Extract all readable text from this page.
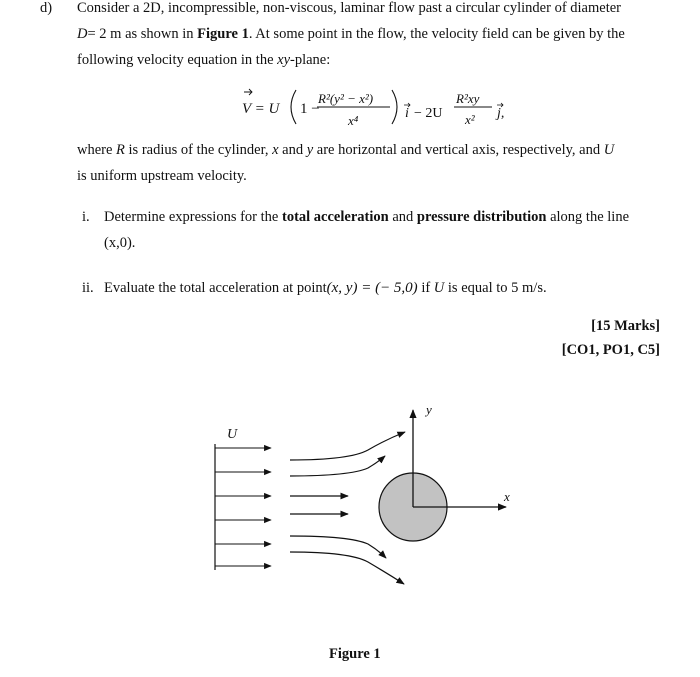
d) Consider a 2D, incompressible, non-viscous, laminar flow past a circular cylinder of diameter
D= 2 m as shown in Figure 1. At some point in the flow, the velocity field can be given by the
following velocity equation in the xy-plane:
V = U 1 −
R²(y² − x²)
x⁴	i − 2U
R²xy
x² j,
where R is radius of the cylinder, x and y are horizontal and vertical axis, respectively, and U
is uniform upstream velocity.
i. Determine expressions for the total acceleration and pressure distribution along the line
(x,0).
ii. Evaluate the total acceleration at point(x, y) = (− 5,0) if U is equal to 5 m/s.
[15 Marks]
[CO1, PO1, C5]
U
y
x
Figure 1
